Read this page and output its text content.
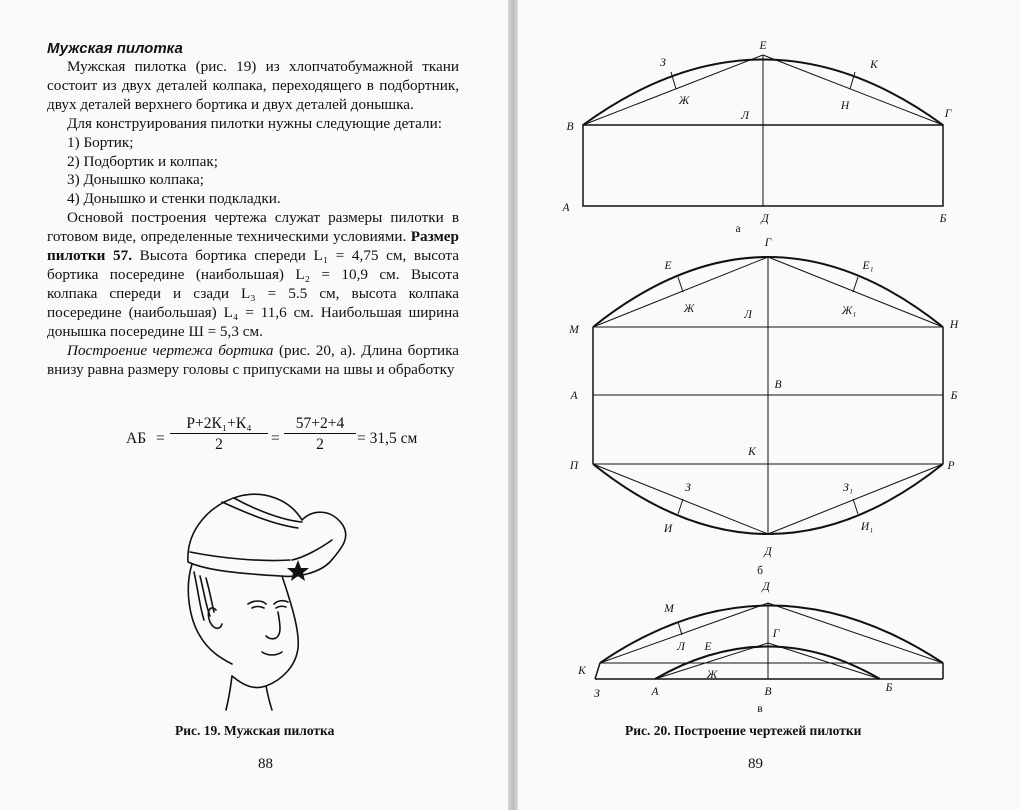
Мужская пилотка

Мужская пилотка (рис. 19) из хлопчатобумажной ткани состоит из двух деталей колпака, переходящего в подбортник, двух деталей верхнего бортика и двух деталей донышка.

Для конструирования пилотки нужны следующие детали:

1) Бортик;

2) Подбортик и колпак;

3) Донышко колпака;

4) Донышко и стенки подкладки.

Основой построения чертежа служат размеры пилотки в готовом виде, определенные техническими условиями. Размер пилотки 57. Высота бортика спереди L₁ = 4,75 см, высота бортика посередине (наибольшая) L₂ = 10,9 см. Высота колпака спереди и сзади L₃ = 5.5 см, высота колпака посередине (наибольшая) L₄ = 11,6 см. Наибольшая ширина донышка посередине Ш = 5,3 см.

Построение чертежа бортика (рис. 20, а). Длина бортика внизу равна размеру головы с припусками на швы и обработку

АБ =
Р+2К₁+К₄
2	= $\frac{57+2+4}{2} = 31,5$ см
Рис. 19. Мужская пилотка
88
Е
З	К
Ж	Н
Л
В
Г
А
Д	Б
а
Г
Е	Е₁
Ж	Ж₁
Л
М	Н
В
А	Б
К
П	Р
З	З₁
И	И₁
Д
б
Д
М
Г
Л Е
К	Ж
З	А	В	Б
в
Рис. 20. Построение чертежей пилотки
89
